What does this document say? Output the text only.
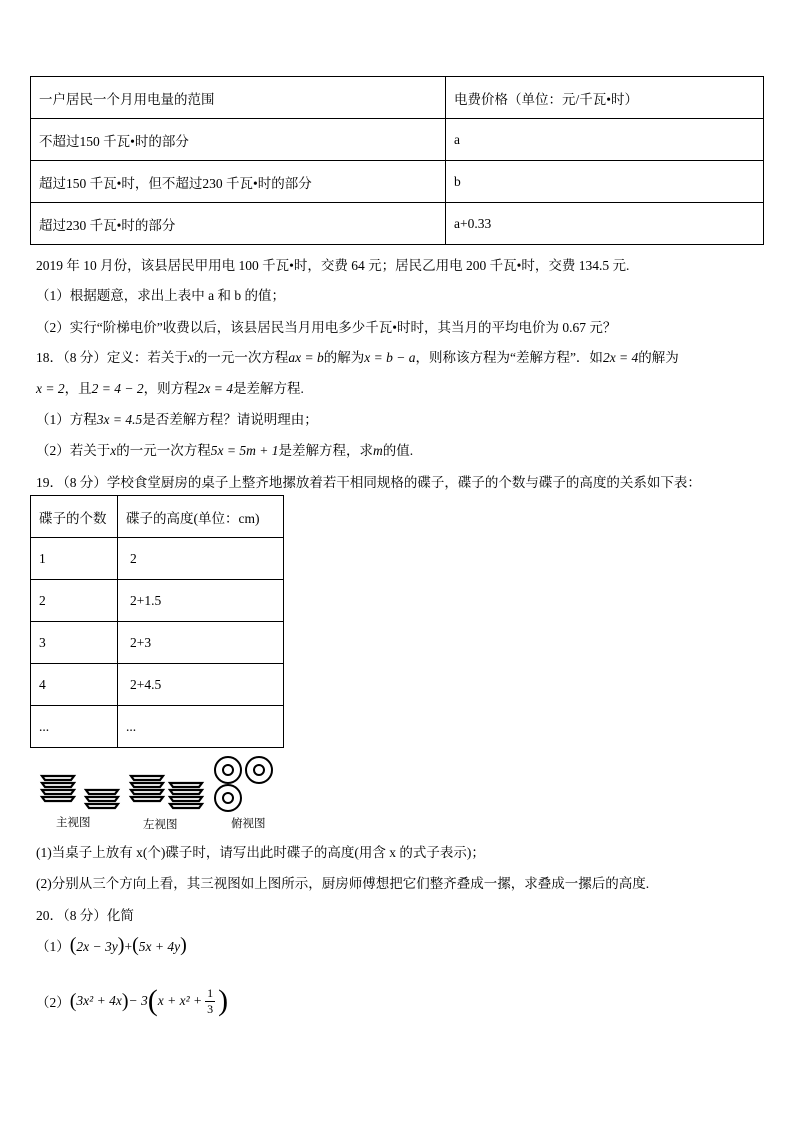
一户居民一个月用电量的范围	电费价格（单位：元/千瓦•时）
不超过150 千瓦•时的部分	a
超过150 千瓦•时，但不超过230 千瓦•时的部分	b
超过230 千瓦•时的部分	a+0.33
2019 年 10 月份，该县居民甲用电 100 千瓦•时，交费 64 元；居民乙用电 200 千瓦•时，交费 134.5 元.
（1）根据题意，求出上表中 a 和 b 的值；
（2）实行“阶梯电价”收费以后，该县居民当月用电多少千瓦•时时，其当月的平均电价为 0.67 元？
18．（8 分）定义：若关于x的一元一次方程ax = b的解为x = b − a，则称该方程为“差解方程”．如2x = 4的解为
x = 2，且2 = 4 − 2，则方程2x = 4是差解方程.
（1）方程3x = 4.5是否差解方程？请说明理由；
（2）若关于x的一元一次方程5x = 5m + 1是差解方程，求m的值.
19．（8 分）学校食堂厨房的桌子上整齐地摞放着若干相同规格的碟子，碟子的个数与碟子的高度的关系如下表：
碟子的个数	碟子的高度(单位：cm)
1	2
2	2+1.5
3	2+3
4	2+4.5
...	...
主视图	左视图	俯视图
(1)当桌子上放有 x(个)碟子时，请写出此时碟子的高度(用含 x 的式子表示)；
(2)分别从三个方向上看，其三视图如上图所示，厨房师傅想把它们整齐叠成一摞，求叠成一摞后的高度.
20．（8 分）化简
（1）(2x − 3y)+(5x + 4y)
（2） ( 3x² + 4x ) − 3 ( $x + x^2 + \frac{1}{3}$ )
